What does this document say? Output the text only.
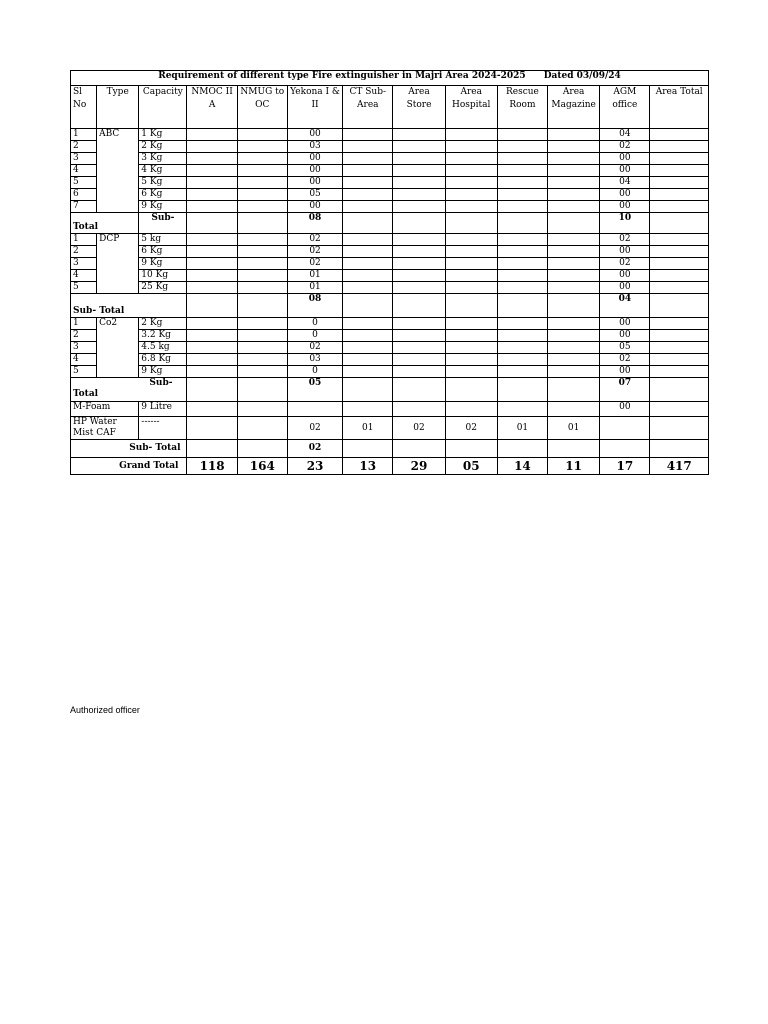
Requirement of different type Fire extinguisher in Majri Area 2024-2025 Dated 03/09/24												
Sl No	Type	Capacity	NMOC II A	NMUG to OC	Yekona I & II	CT Sub-Area	Area Store	Area Hospital	Rescue Room	Area Magazine	AGM office	Area Total
1	ABC	1 Kg			00						04	
2		2 Kg			03						02	
3		3 Kg			00						00	
4		4 Kg			00						00	
5		5 Kg			00						04	
6		6 Kg			05						00	
7		9 Kg			00						00	

Total		Sub-			08						10	
1	DCP	5 kg			02						02	
2		6 Kg			02						00	
3		9 Kg			02						02	
4		10 Kg			01						00	
5		25 Kg			01						00	
Sub- Total					08						04	
1	Co2	2 Kg			0						00	
2		3.2 Kg			0						00	
3		4.5 kg			02						05	
4		6.8 Kg			03						02	
5		9 Kg			0						00	

Sub-
Total					05						07	
M-Foam		9 Litre									00	
HP Water Mist CAF		------			02	01	02	02	01	01		
Sub- Total					02							
Grand Total			118	164	23	13	29	05	14	11	17	417
Authorized officer
